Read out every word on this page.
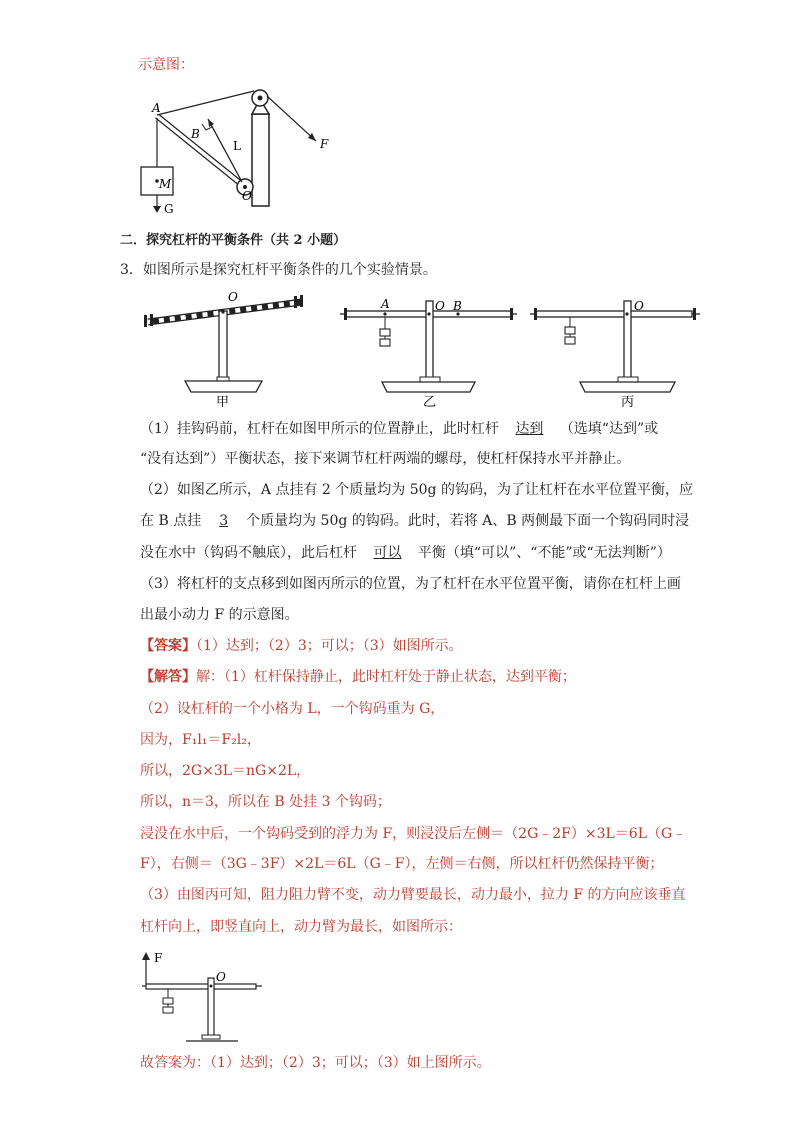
示意图：
A
B
L	F
M
O
G
二．探究杠杆的平衡条件（共 2 小题）
3．如图所示是探究杠杆平衡条件的几个实验情景。
O
甲
A	O B
乙
O
丙
（1）挂钩码前，杠杆在如图甲所示的位置静止，此时杠杆 达到 （选填“达到”或
“没有达到”）平衡状态，接下来调节杠杆两端的螺母，使杠杆保持水平并静止。
（2）如图乙所示，A 点挂有 2 个质量均为 50g 的钩码，为了让杠杆在水平位置平衡，应
在 B 点挂 3 个质量均为 50g 的钩码。此时，若将 A、B 两侧最下面一个钩码同时浸
没在水中（钩码不触底），此后杠杆 可以 平衡（填“可以”、“不能”或“无法判断”）
（3）将杠杆的支点移到如图丙所示的位置，为了杠杆在水平位置平衡，请你在杠杆上画
出最小动力 F 的示意图。
【答案】（1）达到；（2）3；可以；（3）如图所示。
【解答】解：（1）杠杆保持静止，此时杠杆处于静止状态，达到平衡；
（2）设杠杆的一个小格为 L，一个钩码重为 G，
因为，F₁l₁＝F₂l₂，
所以，2G×3L＝nG×2L，
所以，n＝3，所以在 B 处挂 3 个钩码；
浸没在水中后，一个钩码受到的浮力为 F，则浸没后左侧＝（2G﹣2F）×3L＝6L（G﹣
F），右侧＝（3G﹣3F）×2L＝6L（G﹣F），左侧＝右侧，所以杠杆仍然保持平衡；
（3）由图丙可知，阻力阻力臂不变，动力臂要最长，动力最小，拉力 F 的方向应该垂直
杠杆向上，即竖直向上，动力臂为最长，如图所示：
F
O
故答案为：（1）达到；（2）3；可以；（3）如上图所示。
